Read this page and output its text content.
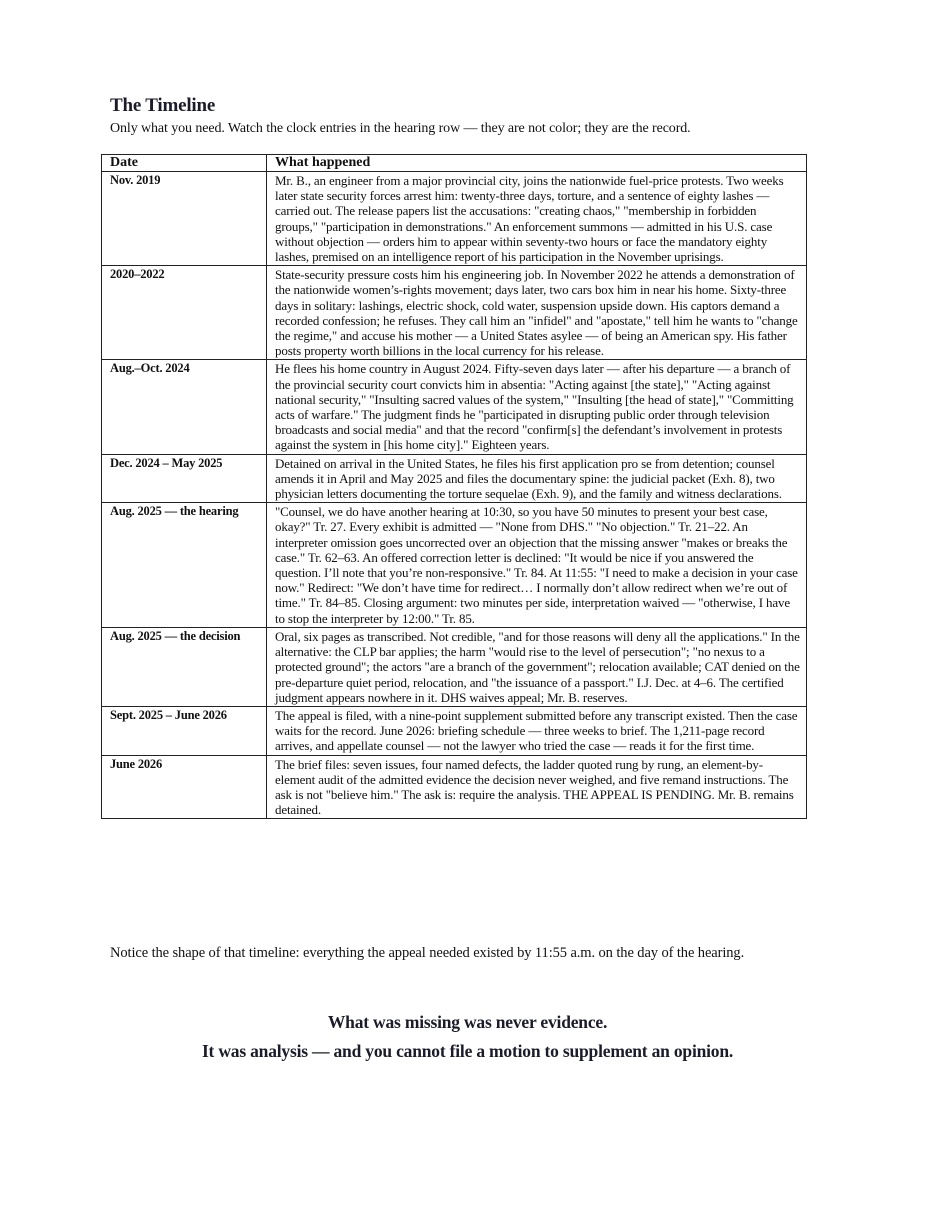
The Timeline

Only what you need. Watch the clock entries in the hearing row — they are not color; they are the record.

Date	What happened
Nov. 2019	Mr. B., an engineer from a major provincial city, joins the nationwide fuel-price protests. Two weeks later state security forces arrest him: twenty-three days, torture, and a sentence of eighty lashes — carried out. The release papers list the accusations: "creating chaos," "membership in forbidden groups," "participation in demonstrations." An enforcement summons — admitted in his U.S. case without objection — orders him to appear within seventy-two hours or face the mandatory eighty lashes, premised on an intelligence report of his participation in the November uprisings.
2020–2022	State-security pressure costs him his engineering job. In November 2022 he attends a demonstration of the nationwide women’s-rights movement; days later, two cars box him in near his home. Sixty-three days in solitary: lashings, electric shock, cold water, suspension upside down. His captors demand a recorded confession; he refuses. They call him an "infidel" and "apostate," tell him he wants to "change the regime," and accuse his mother — a United States asylee — of being an American spy. His father posts property worth billions in the local currency for his release.
Aug.–Oct. 2024	He flees his home country in August 2024. Fifty-seven days later — after his departure — a branch of the provincial security court convicts him in absentia: "Acting against [the state]," "Acting against national security," "Insulting sacred values of the system," "Insulting [the head of state]," "Committing acts of warfare." The judgment finds he "participated in disrupting public order through television broadcasts and social media" and that the record "confirm[s] the defendant’s involvement in protests against the system in [his home city]." Eighteen years.
Dec. 2024 – May 2025	Detained on arrival in the United States, he files his first application pro se from detention; counsel amends it in April and May 2025 and files the documentary spine: the judicial packet (Exh. 8), two physician letters documenting the torture sequelae (Exh. 9), and the family and witness declarations.
Aug. 2025 — the hearing	"Counsel, we do have another hearing at 10:30, so you have 50 minutes to present your best case, okay?" Tr. 27. Every exhibit is admitted — "None from DHS." "No objection." Tr. 21–22. An interpreter omission goes uncorrected over an objection that the missing answer "makes or breaks the case." Tr. 62–63. An offered correction letter is declined: "It would be nice if you answered the question. I’ll note that you’re non-responsive." Tr. 84. At 11:55: "I need to make a decision in your case now." Redirect: "We don’t have time for redirect… I normally don’t allow redirect when we’re out of time." Tr. 84–85. Closing argument: two minutes per side, interpretation waived — "otherwise, I have to stop the interpreter by 12:00." Tr. 85.
Aug. 2025 — the decision	Oral, six pages as transcribed. Not credible, "and for those reasons will deny all the applications." In the alternative: the CLP bar applies; the harm "would rise to the level of persecution"; "no nexus to a protected ground"; the actors "are a branch of the government"; relocation available; CAT denied on the pre-departure quiet period, relocation, and "the issuance of a passport." I.J. Dec. at 4–6. The certified judgment appears nowhere in it. DHS waives appeal; Mr. B. reserves.
Sept. 2025 – June 2026	The appeal is filed, with a nine-point supplement submitted before any transcript existed. Then the case waits for the record. June 2026: briefing schedule — three weeks to brief. The 1,211-page record arrives, and appellate counsel — not the lawyer who tried the case — reads it for the first time.
June 2026	The brief files: seven issues, four named defects, the ladder quoted rung by rung, an element-by-element audit of the admitted evidence the decision never weighed, and five remand instructions. The ask is not "believe him." The ask is: require the analysis. THE APPEAL IS PENDING. Mr. B. remains detained.

Notice the shape of that timeline: everything the appeal needed existed by 11:55 a.m. on the day of the hearing.

What was missing was never evidence.

It was analysis — and you cannot file a motion to supplement an opinion.
